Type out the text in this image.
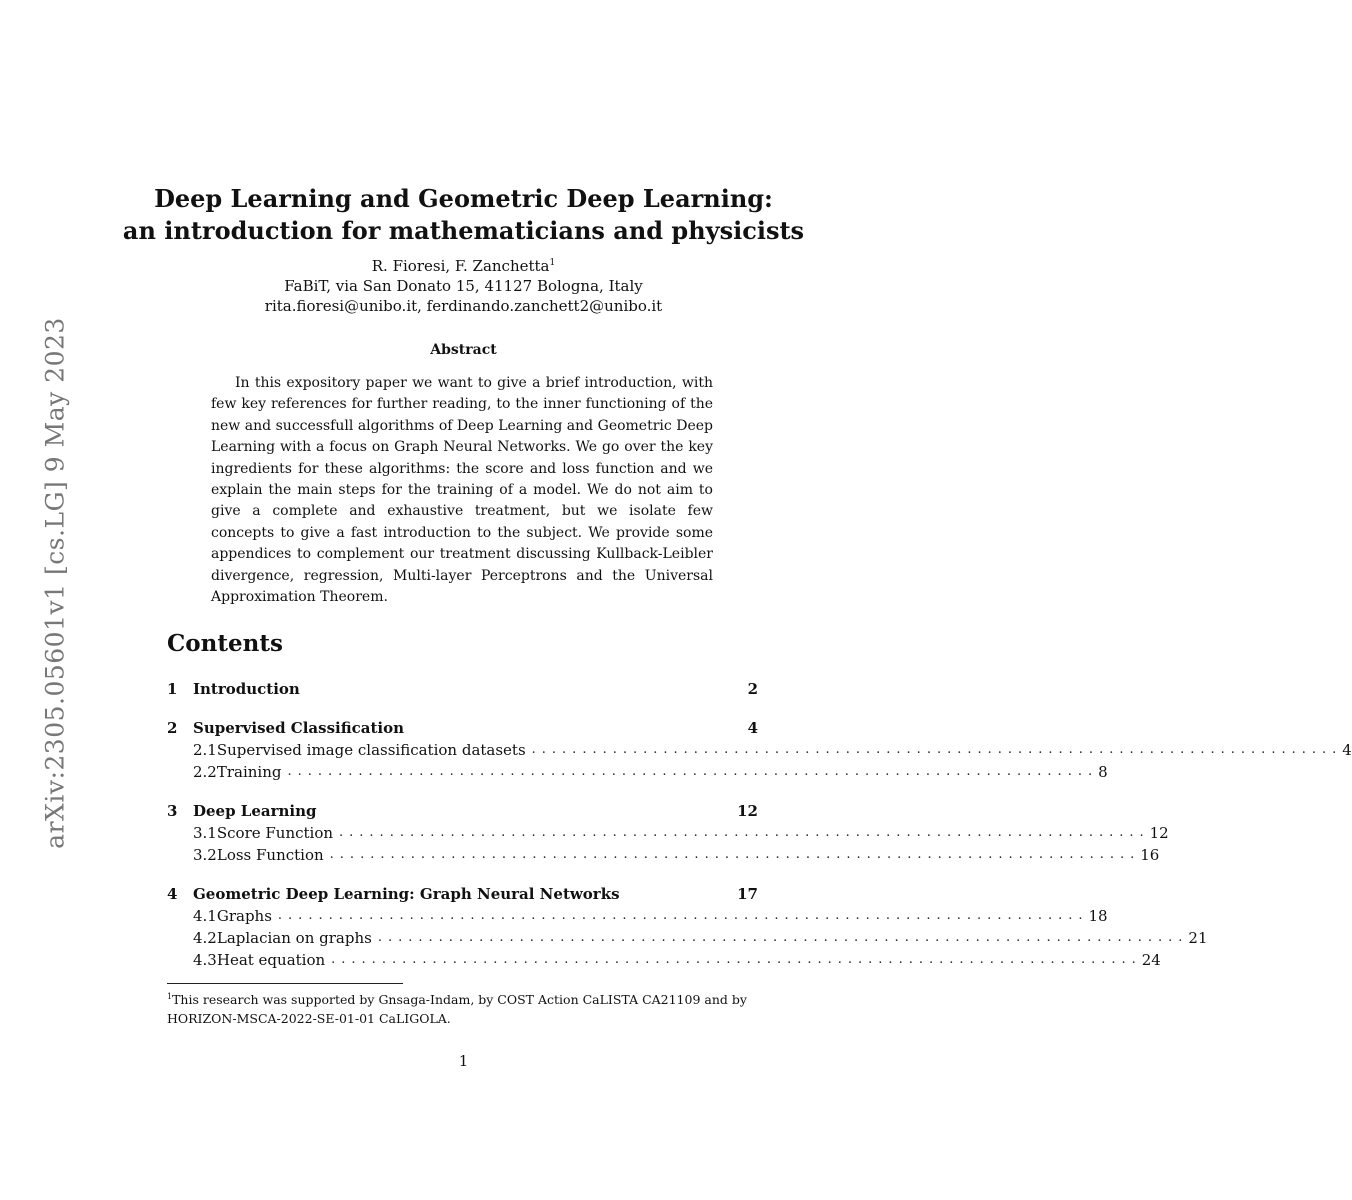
arXiv:2305.05601v1 [cs.LG] 9 May 2023
Deep Learning and Geometric Deep Learning:
an introduction for mathematicians and physicists
R. Fioresi, F. Zanchetta$^1$
FaBiT, via San Donato 15, 41127 Bologna, Italy
rita.fioresi@unibo.it, ferdinando.zanchett2@unibo.it
Abstract

In this expository paper we want to give a brief introduction, with few key references for further reading, to the inner functioning of the new and successfull algorithms of Deep Learning and Geometric Deep Learning with a focus on Graph Neural Networks. We go over the key ingredients for these algorithms: the score and loss function and we explain the main steps for the training of a model. We do not aim to give a complete and exhaustive treatment, but we isolate few concepts to give a fast introduction to the subject. We provide some appendices to complement our treatment discussing Kullback-Leibler divergence, regression, Multi-layer Perceptrons and the Universal Approximation Theorem.

Contents
1	Introduction	2
2	Supervised Classification	4
2.1 Supervised image classification datasets ................................................................................ 4
2.2 Training ................................................................................ 8
3	Deep Learning	12
3.1 Score Function ................................................................................ 12
3.2 Loss Function ................................................................................ 16
4	Geometric Deep Learning: Graph Neural Networks	17
4.1 Graphs ................................................................................ 18
4.2 Laplacian on graphs ................................................................................ 21
4.3 Heat equation ................................................................................ 24
$^1$This research was supported by Gnsaga-Indam, by COST Action CaLISTA CA21109 and by HORIZON-MSCA-2022-SE-01-01 CaLIGOLA.
1
